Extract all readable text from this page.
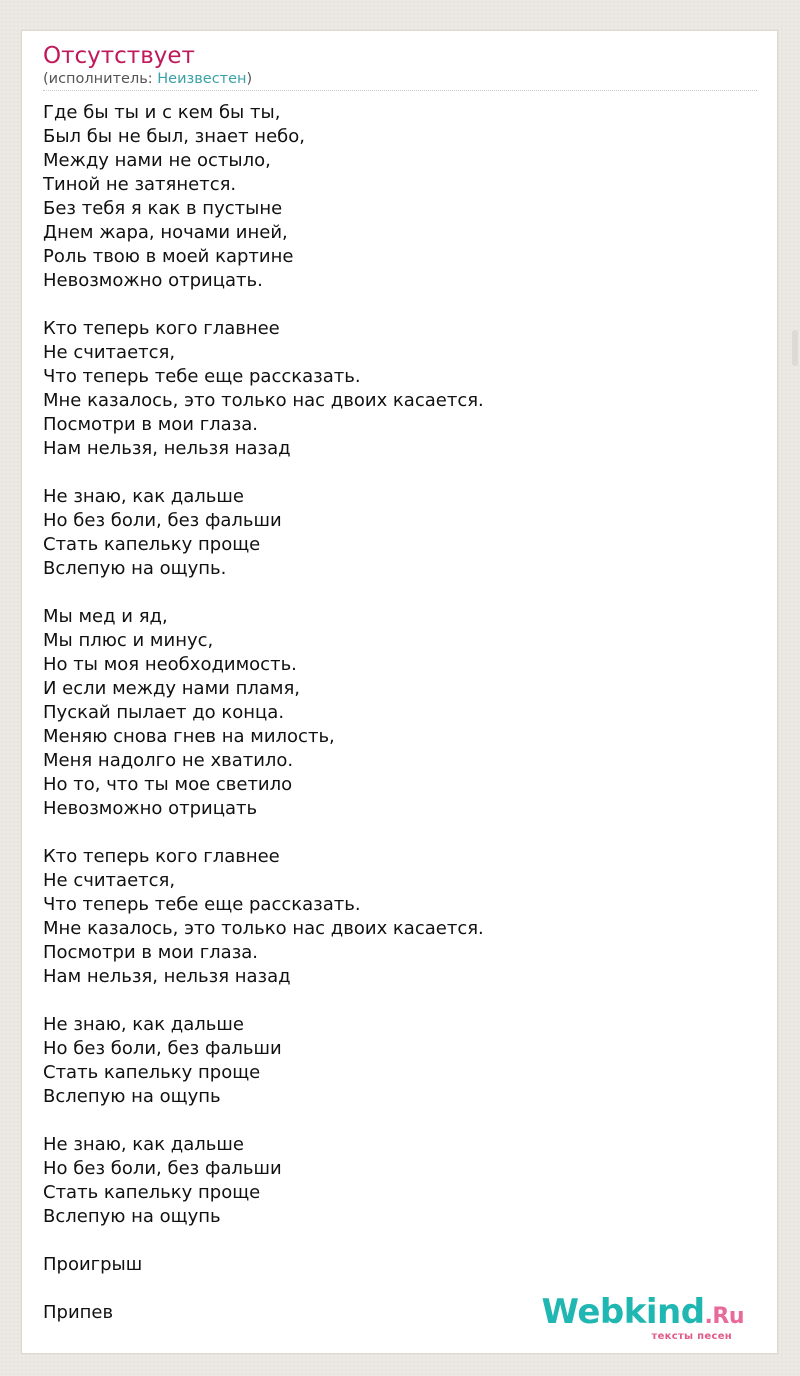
Отсутствует
(исполнитель: Неизвестен)
Где бы ты и с кем бы ты,
Был бы не был, знает небо,
Между нами не остыло,
Тиной не затянется.
Без тебя я как в пустыне
Днем жара, ночами иней,
Роль твою в моей картине
Невозможно отрицать.
Кто теперь кого главнее
Не считается,
Что теперь тебе еще рассказать.
Мне казалось, это только нас двоих касается.
Посмотри в мои глаза.
Нам нельзя, нельзя назад
Не знаю, как дальше
Но без боли, без фальши
Стать капельку проще
Вслепую на ощупь.
Мы мед и яд,
Мы плюс и минус,
Но ты моя необходимость.
И если между нами пламя,
Пускай пылает до конца.
Меняю снова гнев на милость,
Меня надолго не хватило.
Но то, что ты мое светило
Невозможно отрицать
Кто теперь кого главнее
Не считается,
Что теперь тебе еще рассказать.
Мне казалось, это только нас двоих касается.
Посмотри в мои глаза.
Нам нельзя, нельзя назад
Не знаю, как дальше
Но без боли, без фальши
Стать капельку проще
Вслепую на ощупь
Не знаю, как дальше
Но без боли, без фальши
Стать капельку проще
Вслепую на ощупь
Проигрыш
Припев	Webkind.Ru
тексты песен
